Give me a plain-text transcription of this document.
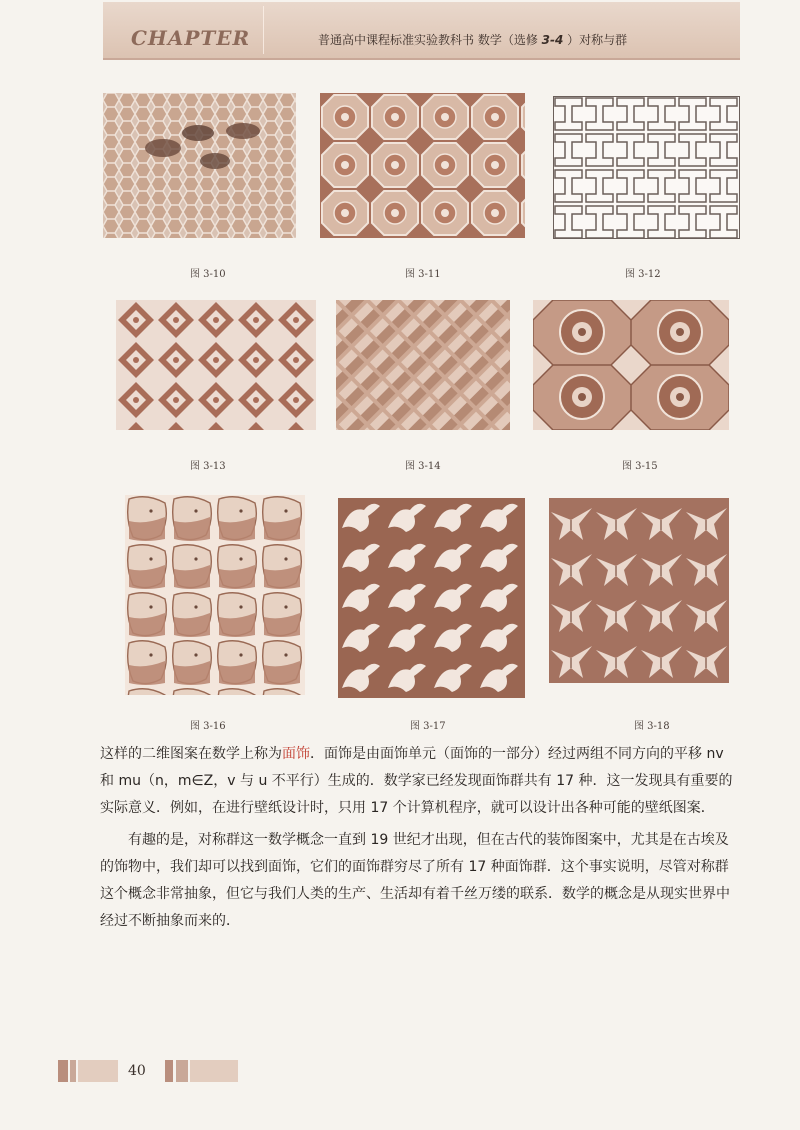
CHAPTER	普通高中课程标准实验教科书 数学（选修 3-4 ）对称与群
图 3-10	图 3-11	图 3-12
图 3-13	图 3-14	图 3-15
图 3-16	图 3-17	图 3-18

这样的二维图案在数学上称为面饰．面饰是由面饰单元（面饰的一部分）经过两组不同方向的平移 nv 和 mu（n，m∈Z，v 与 u 不平行）生成的．数学家已经发现面饰群共有 17 种．这一发现具有重要的实际意义．例如，在进行壁纸设计时，只用 17 个计算机程序，就可以设计出各种可能的壁纸图案．

有趣的是，对称群这一数学概念一直到 19 世纪才出现，但在古代的装饰图案中，尤其是在古埃及的饰物中，我们却可以找到面饰，它们的面饰群穷尽了所有 17 种面饰群．这个事实说明，尽管对称群这个概念非常抽象，但它与我们人类的生产、生活却有着千丝万缕的联系．数学的概念是从现实世界中经过不断抽象而来的．

40
